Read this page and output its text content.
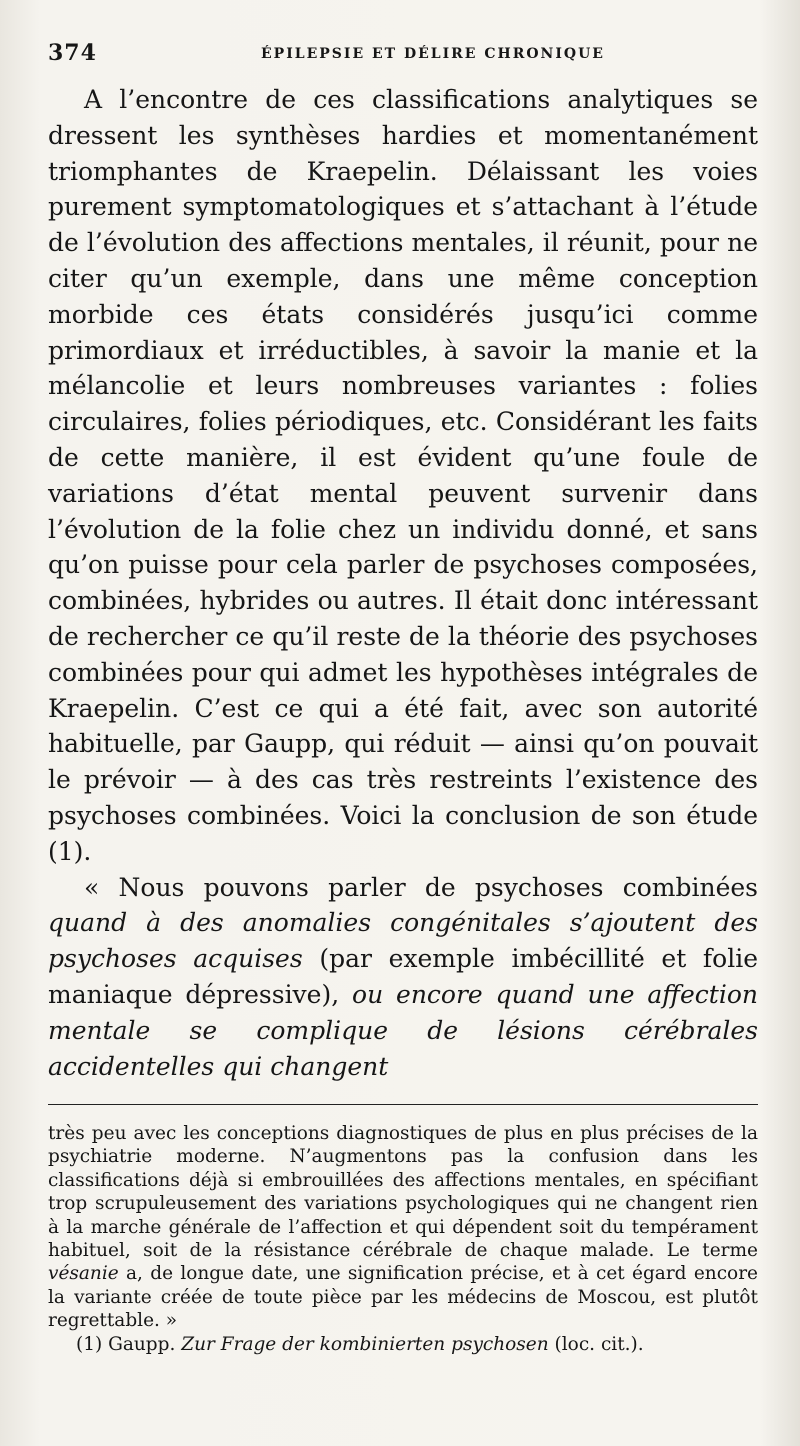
374	ÉPILEPSIE ET DÉLIRE CHRONIQUE

A l’encontre de ces classifications analytiques se dressent les synthèses hardies et momentanément triomphantes de Kraepelin. Délaissant les voies purement symptomatologiques et s’attachant à l’étude de l’évolution des affections mentales, il réunit, pour ne citer qu’un exemple, dans une même conception morbide ces états considérés jusqu’ici comme primordiaux et irréductibles, à savoir la manie et la mélancolie et leurs nombreuses variantes : folies circulaires, folies périodiques, etc. Considérant les faits de cette manière, il est évident qu’une foule de variations d’état mental peuvent survenir dans l’évolution de la folie chez un individu donné, et sans qu’on puisse pour cela parler de psychoses composées, combinées, hybrides ou autres. Il était donc intéressant de rechercher ce qu’il reste de la théorie des psychoses combinées pour qui admet les hypothèses intégrales de Kraepelin. C’est ce qui a été fait, avec son autorité habituelle, par Gaupp, qui réduit — ainsi qu’on pouvait le prévoir — à des cas très restreints l’existence des psychoses combinées. Voici la conclusion de son étude (1).

« Nous pouvons parler de psychoses combinées quand à des anomalies congénitales s’ajoutent des psychoses acquises (par exemple imbécillité et folie maniaque dépressive), ou encore quand une affection mentale se complique de lésions cérébrales accidentelles qui changent

très peu avec les conceptions diagnostiques de plus en plus précises de la psychiatrie moderne. N’augmentons pas la confusion dans les classifications déjà si embrouillées des affections mentales, en spécifiant trop scrupuleusement des variations psychologiques qui ne changent rien à la marche générale de l’affection et qui dépendent soit du tempérament habituel, soit de la résistance cérébrale de chaque malade. Le terme vésanie a, de longue date, une signification précise, et à cet égard encore la variante créée de toute pièce par les médecins de Moscou, est plutôt regrettable. »

(1) Gaupp. Zur Frage der kombinierten psychosen (loc. cit.).
